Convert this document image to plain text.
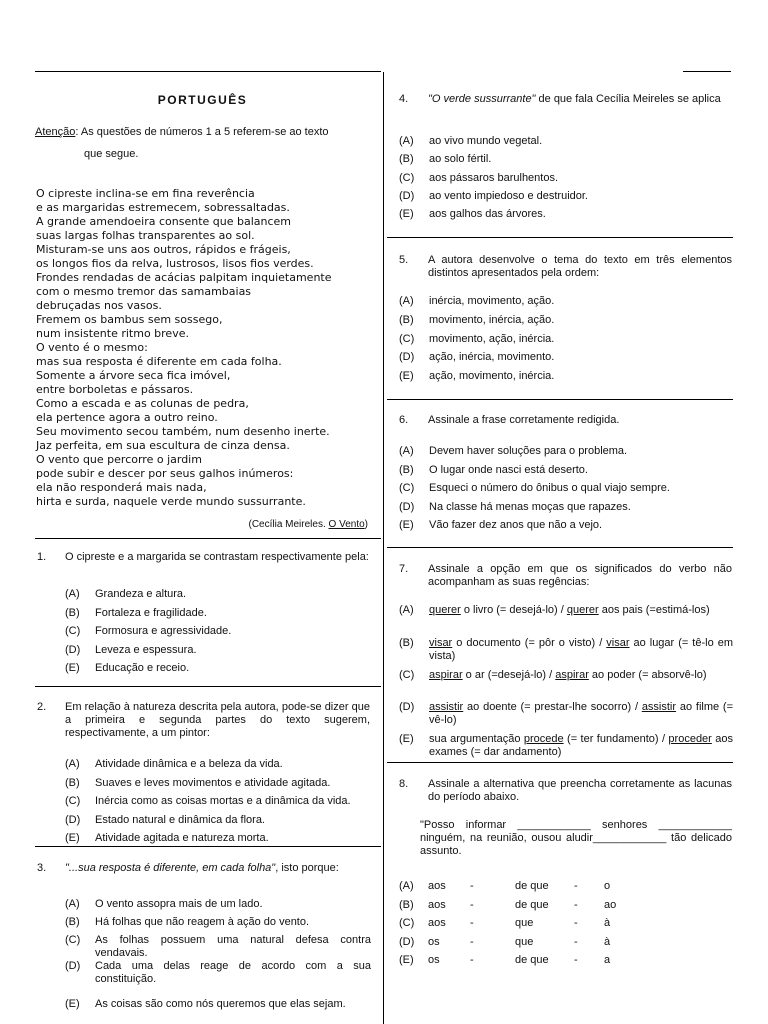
PORTUGUÊS
Atenção: As questões de números 1 a 5 referem-se ao texto
que segue.
O cipreste inclina-se em fina reverência
e as margaridas estremecem, sobressaltadas.
A grande amendoeira consente que balancem
suas largas folhas transparentes ao sol.
Misturam-se uns aos outros, rápidos e frágeis,
os longos fios da relva, lustrosos, lisos fios verdes.
Frondes rendadas de acácias palpitam inquietamente
com o mesmo tremor das samambaias
debruçadas nos vasos.
Fremem os bambus sem sossego,
num insistente ritmo breve.
O vento é o mesmo:
mas sua resposta é diferente em cada folha.
Somente a árvore seca fica imóvel,
entre borboletas e pássaros.
Como a escada e as colunas de pedra,
ela pertence agora a outro reino.
Seu movimento secou também, num desenho inerte.
Jaz perfeita, em sua escultura de cinza densa.
O vento que percorre o jardim
pode subir e descer por seus galhos inúmeros:
ela não responderá mais nada,
hirta e surda, naquele verde mundo sussurrante.
(Cecília Meireles. O Vento)
1. O cipreste e a margarida se contrastam respectivamente pela:
(A) Grandeza e altura.
(B) Fortaleza e fragilidade.
(C) Formosura e agressividade.
(D) Leveza e espessura.
(E) Educação e receio.
2. Em relação à natureza descrita pela autora, pode-se dizer que a primeira e segunda partes do texto sugerem, respectivamente, a um pintor:
(A) Atividade dinâmica e a beleza da vida.
(B) Suaves e leves movimentos e atividade agitada.
(C) Inércia como as coisas mortas e a dinâmica da vida.
(D) Estado natural e dinâmica da flora.
(E) Atividade agitada e natureza morta.
3. "...sua resposta é diferente, em cada folha", isto porque:
(A) O vento assopra mais de um lado.
(B) Há folhas que não reagem à ação do vento.
(C) As folhas possuem uma natural defesa contra vendavais.
(D) Cada uma delas reage de acordo com a sua constituição.
(E) As coisas são como nós queremos que elas sejam.
4. "O verde sussurrante" de que fala Cecília Meireles se aplica
(A) ao vivo mundo vegetal.
(B) ao solo fértil.
(C) aos pássaros barulhentos.
(D) ao vento impiedoso e destruidor.
(E) aos galhos das árvores.
5. A autora desenvolve o tema do texto em três elementos distintos apresentados pela ordem:
(A) inércia, movimento, ação.
(B) movimento, inércia, ação.
(C) movimento, ação, inércia.
(D) ação, inércia, movimento.
(E) ação, movimento, inércia.
6. Assinale a frase corretamente redigida.
(A) Devem haver soluções para o problema.
(B) O lugar onde nasci está deserto.
(C) Esqueci o número do ônibus o qual viajo sempre.
(D) Na classe há menas moças que rapazes.
(E) Vão fazer dez anos que não a vejo.
7. Assinale a opção em que os significados do verbo não acompanham as suas regências:
(A) querer o livro (= desejá-lo) / querer aos pais (=estimá-los)
(B) visar o documento (= pôr o visto) / visar ao lugar (= tê-lo em vista)
(C) aspirar o ar (=desejá-lo) / aspirar ao poder (= absorvê-lo)
(D) assistir ao doente (= prestar-lhe socorro) / assistir ao filme (= vê-lo)
(E) sua argumentação procede (= ter fundamento) / proceder aos exames (= dar andamento)
8. Assinale a alternativa que preencha corretamente as lacunas do período abaixo.
"Posso informar ____________ senhores ____________ ninguém, na reunião, ousou aludir____________ tão delicado assunto.
(A) aos -	de que - o
(B) aos -	de que - ao
(C) aos -	que	- à
(D) os	-	que	- à
(E) os	-	de que - a
